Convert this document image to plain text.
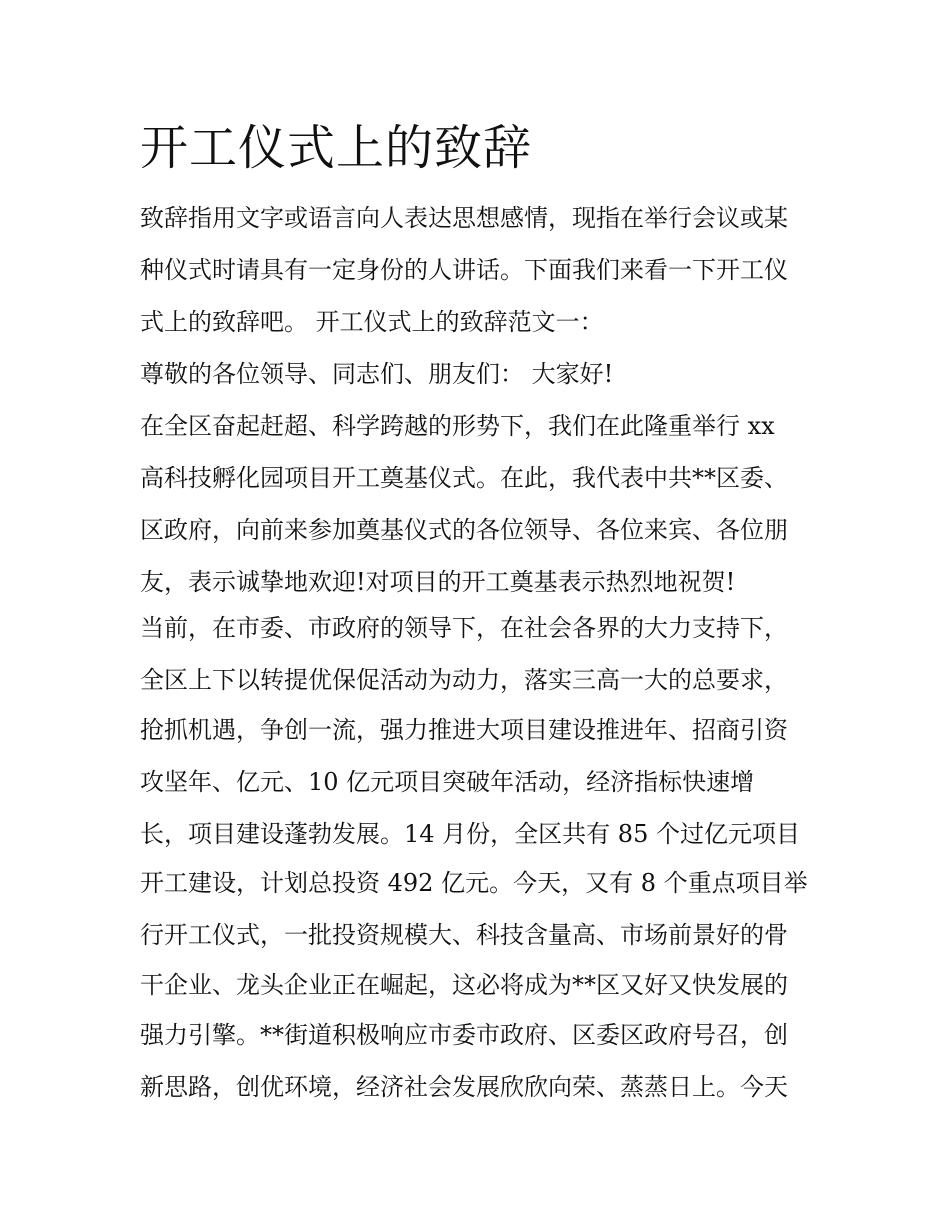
开工仪式上的致辞

致辞指用文字或语言向人表达思想感情，现指在举行会议或某

种仪式时请具有一定身份的人讲话。下面我们来看一下开工仪

式上的致辞吧。 开工仪式上的致辞范文一：

尊敬的各位领导、同志们、朋友们： 大家好!

在全区奋起赶超、科学跨越的形势下，我们在此隆重举行 xx

高科技孵化园项目开工奠基仪式。在此，我代表中共**区委、

区政府，向前来参加奠基仪式的各位领导、各位来宾、各位朋

友，表示诚挚地欢迎!对项目的开工奠基表示热烈地祝贺!

当前，在市委、市政府的领导下，在社会各界的大力支持下，

全区上下以转提优保促活动为动力，落实三高一大的总要求，

抢抓机遇，争创一流，强力推进大项目建设推进年、招商引资

攻坚年、亿元、10 亿元项目突破年活动，经济指标快速增

长，项目建设蓬勃发展。14 月份，全区共有 85 个过亿元项目

开工建设，计划总投资 492 亿元。今天，又有 8 个重点项目举

行开工仪式，一批投资规模大、科技含量高、市场前景好的骨

干企业、龙头企业正在崛起，这必将成为**区又好又快发展的

强力引擎。**街道积极响应市委市政府、区委区政府号召，创

新思路，创优环境，经济社会发展欣欣向荣、蒸蒸日上。今天
